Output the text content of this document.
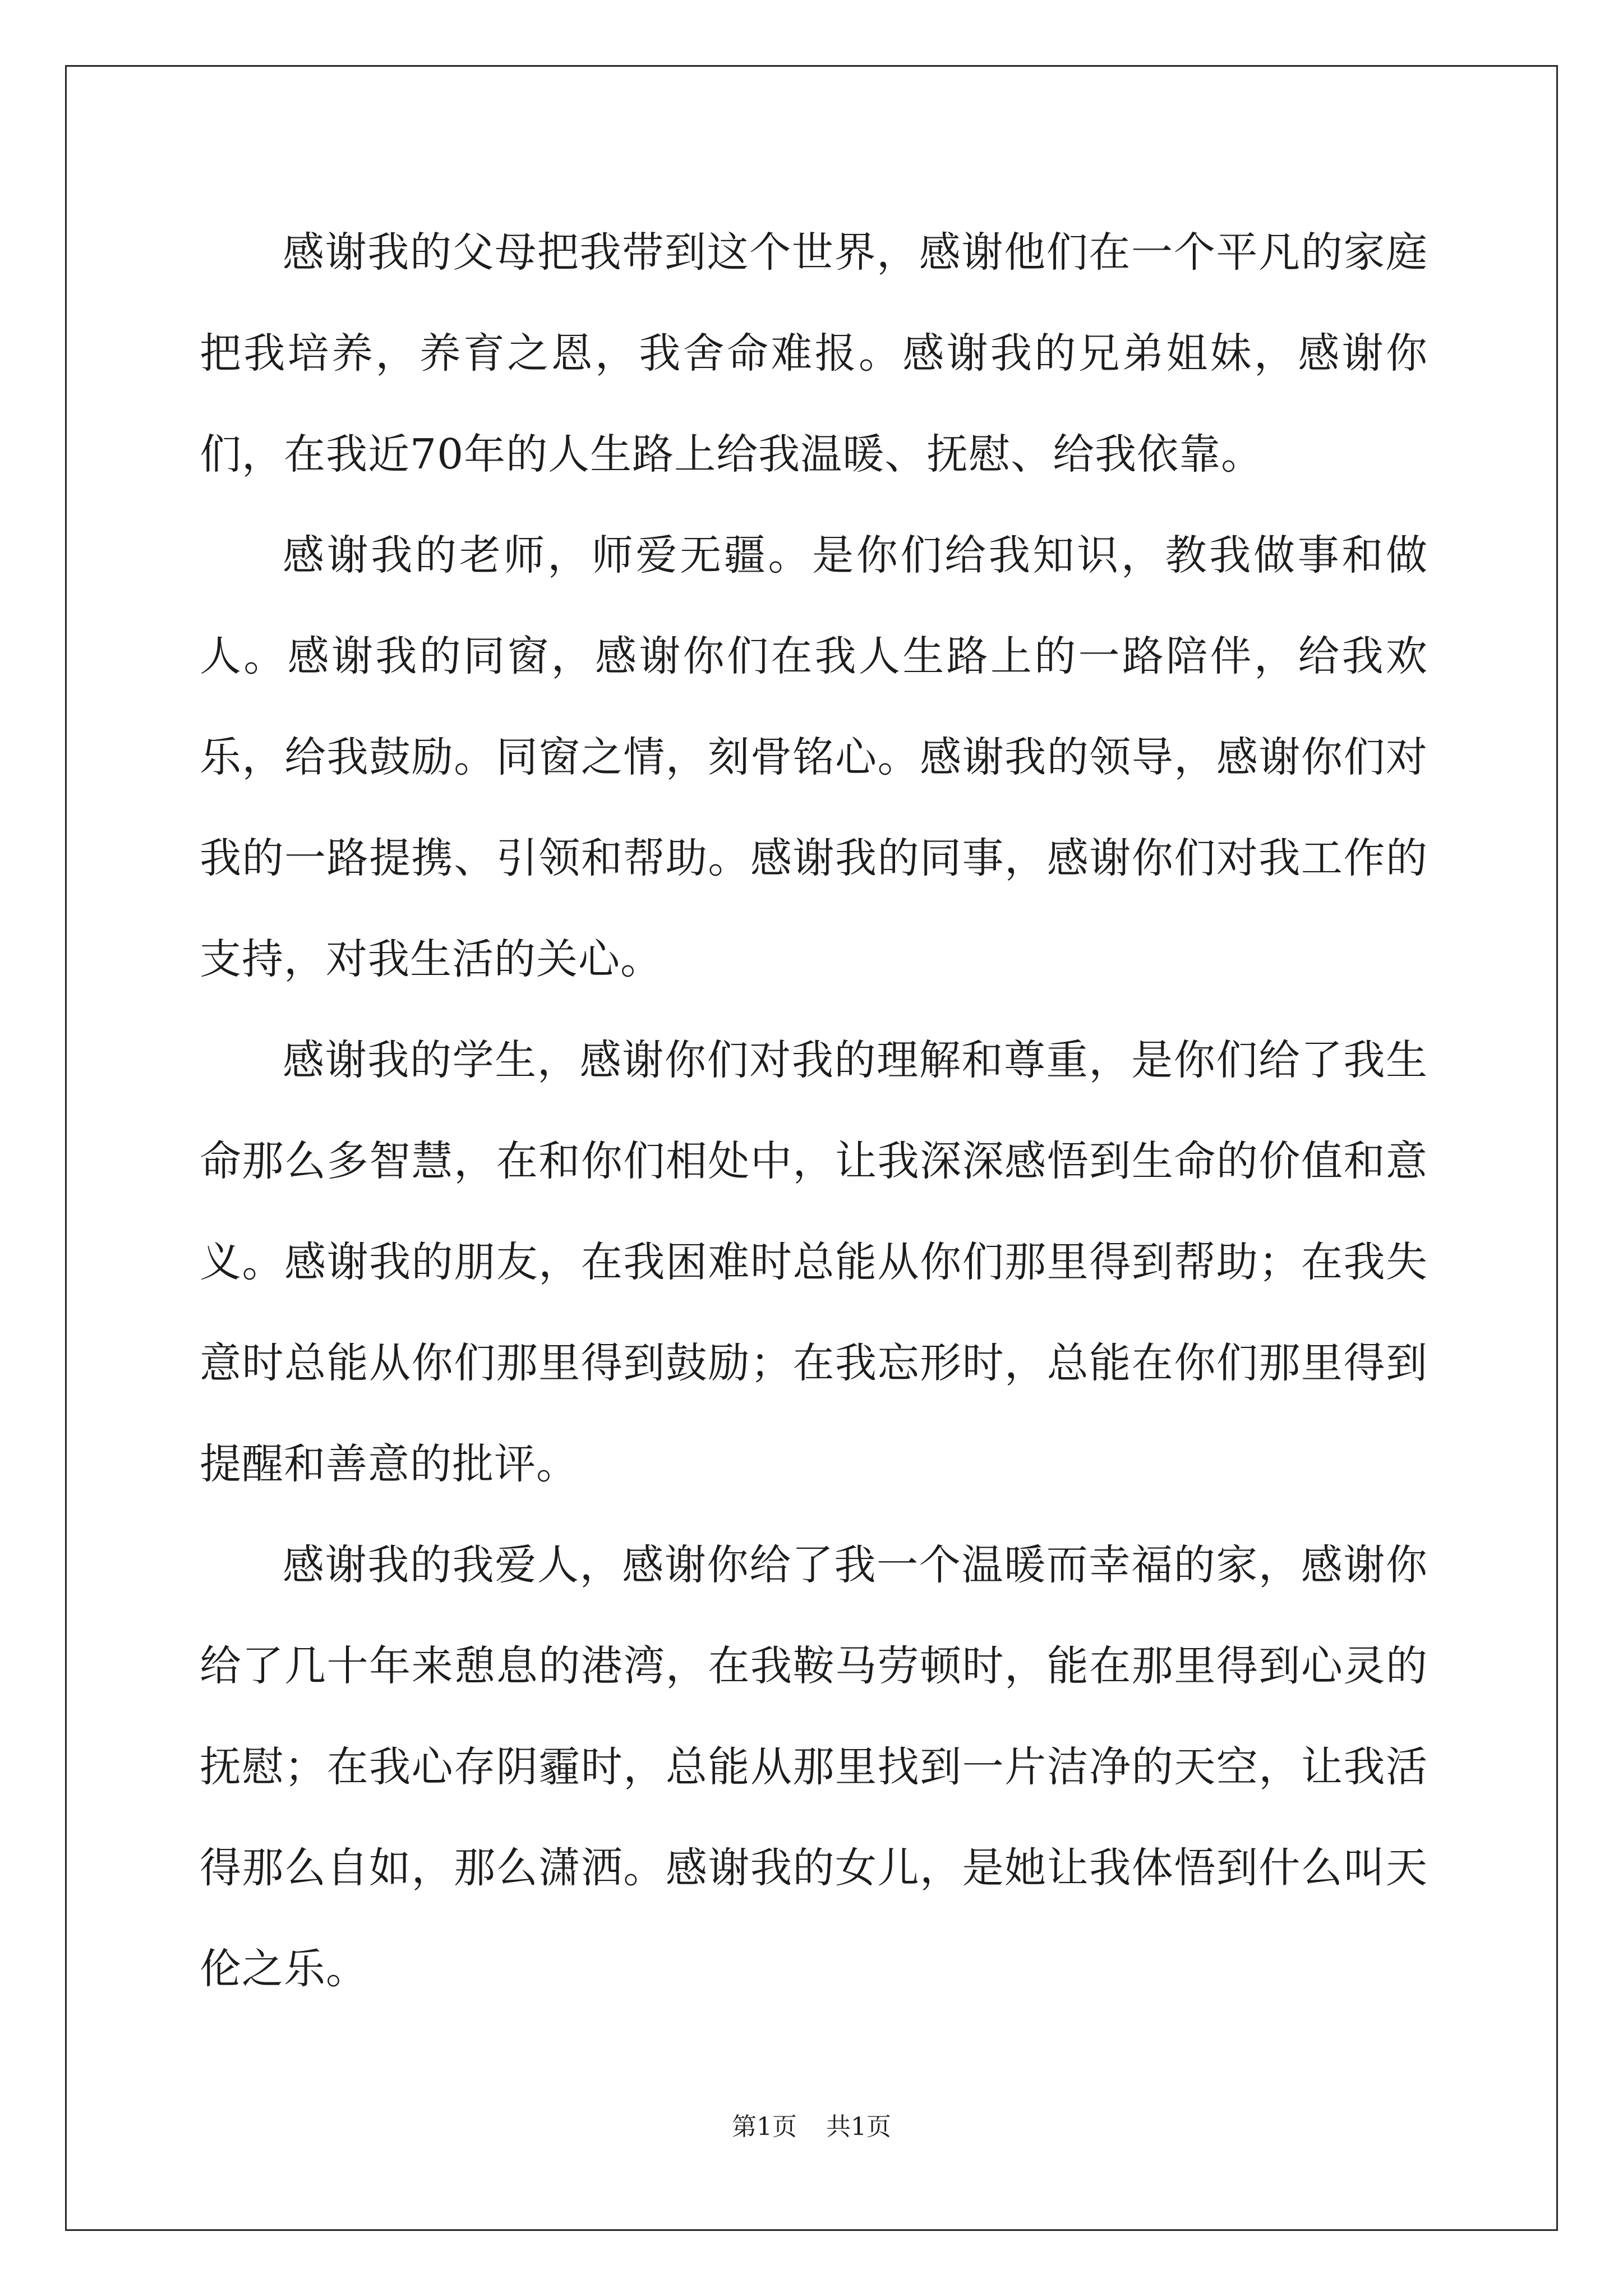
感谢我的父母把我带到这个世界，感谢他们在一个平凡的家庭把我培养，养育之恩，我舍命难报。感谢我的兄弟姐妹，感谢你们，在我近70年的人生路上给我温暖、抚慰、给我依靠。

感谢我的老师，师爱无疆。是你们给我知识，教我做事和做人。感谢我的同窗，感谢你们在我人生路上的一路陪伴，给我欢乐，给我鼓励。同窗之情，刻骨铭心。感谢我的领导，感谢你们对我的一路提携、引领和帮助。感谢我的同事，感谢你们对我工作的支持，对我生活的关心。

感谢我的学生，感谢你们对我的理解和尊重，是你们给了我生命那么多智慧，在和你们相处中，让我深深感悟到生命的价值和意义。感谢我的朋友，在我困难时总能从你们那里得到帮助；在我失意时总能从你们那里得到鼓励；在我忘形时，总能在你们那里得到提醒和善意的批评。

感谢我的我爱人，感谢你给了我一个温暖而幸福的家，感谢你给了几十年来憩息的港湾，在我鞍马劳顿时，能在那里得到心灵的抚慰；在我心存阴霾时，总能从那里找到一片洁净的天空，让我活得那么自如，那么潇洒。感谢我的女儿，是她让我体悟到什么叫天伦之乐。

第1页 共1页
